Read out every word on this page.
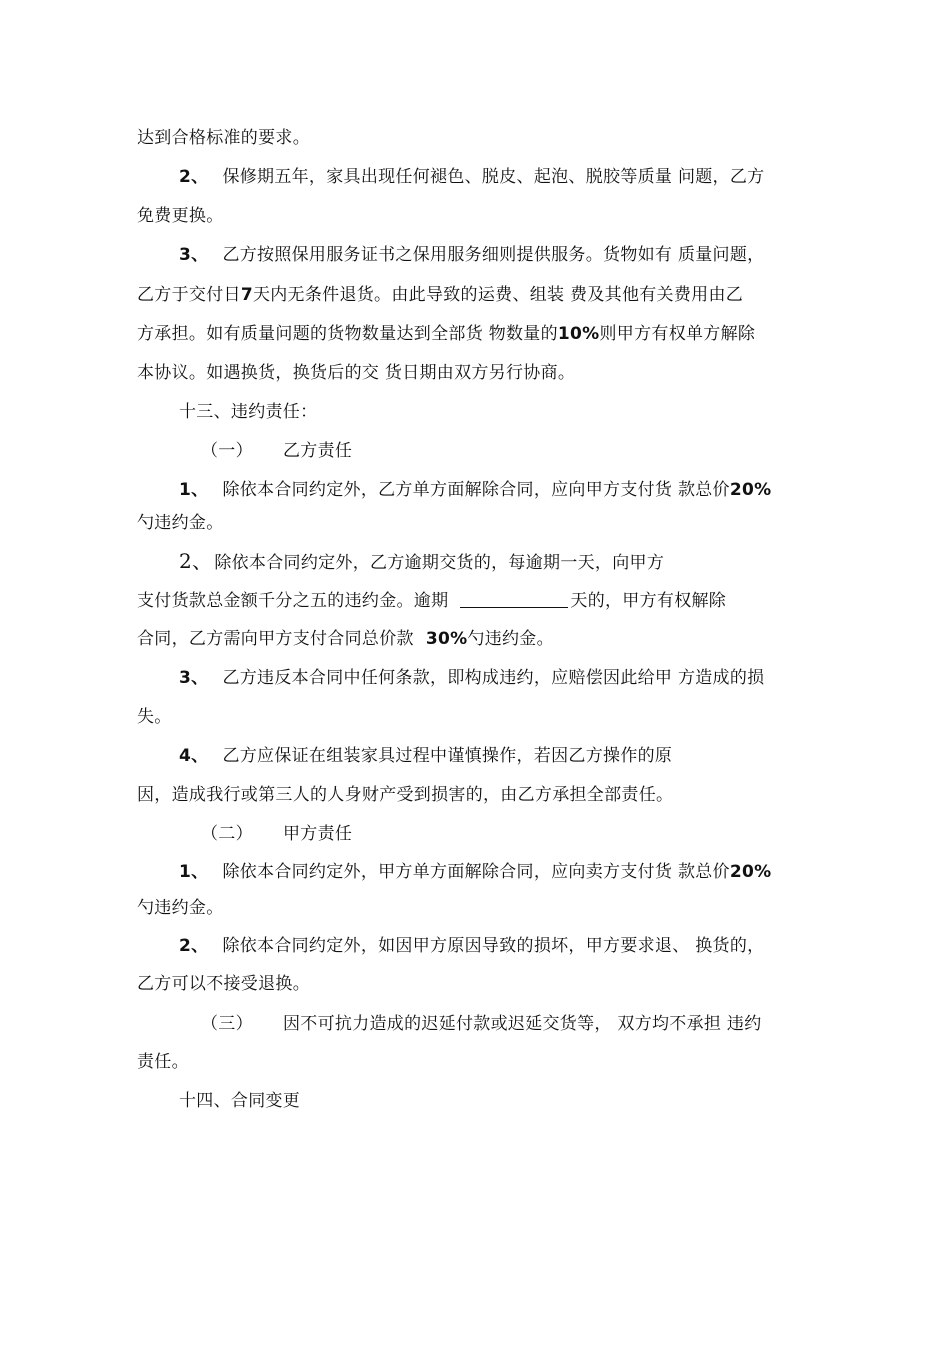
达到合格标准的要求。
2、 保修期五年，家具出现任何褪色、脱皮、起泡、脱胶等质量 问题，乙方
免费更换。
3、 乙方按照保用服务证书之保用服务细则提供服务。货物如有 质量问题，
乙方于交付日7天内无条件退货。由此导致的运费、组装 费及其他有关费用由乙
方承担。如有质量问题的货物数量达到全部货 物数量的10%则甲方有权单方解除
本协议。如遇换货，换货后的交 货日期由双方另行协商。
十三、违约责任：
（一） 乙方责任
1、 除依本合同约定外，乙方单方面解除合同，应向甲方支付货 款总价20%
勺违约金。
2、 除依本合同约定外，乙方逾期交货的，每逾期一天，向甲方
支付货款总金额千分之五的违约金。逾期	天的，甲方有权解除
合同，乙方需向甲方支付合同总价款 30%勺违约金。
3、 乙方违反本合同中任何条款，即构成违约，应赔偿因此给甲 方造成的损
失。
4、 乙方应保证在组装家具过程中谨慎操作，若因乙方操作的原
因，造成我行或第三人的人身财产受到损害的，由乙方承担全部责任。
（二） 甲方责任
1、 除依本合同约定外，甲方单方面解除合同，应向卖方支付货 款总价20%
勺违约金。
2、 除依本合同约定外，如因甲方原因导致的损坏，甲方要求退、 换货的，
乙方可以不接受退换。
（三） 因不可抗力造成的迟延付款或迟延交货等， 双方均不承担 违约
责任。
十四、合同变更
